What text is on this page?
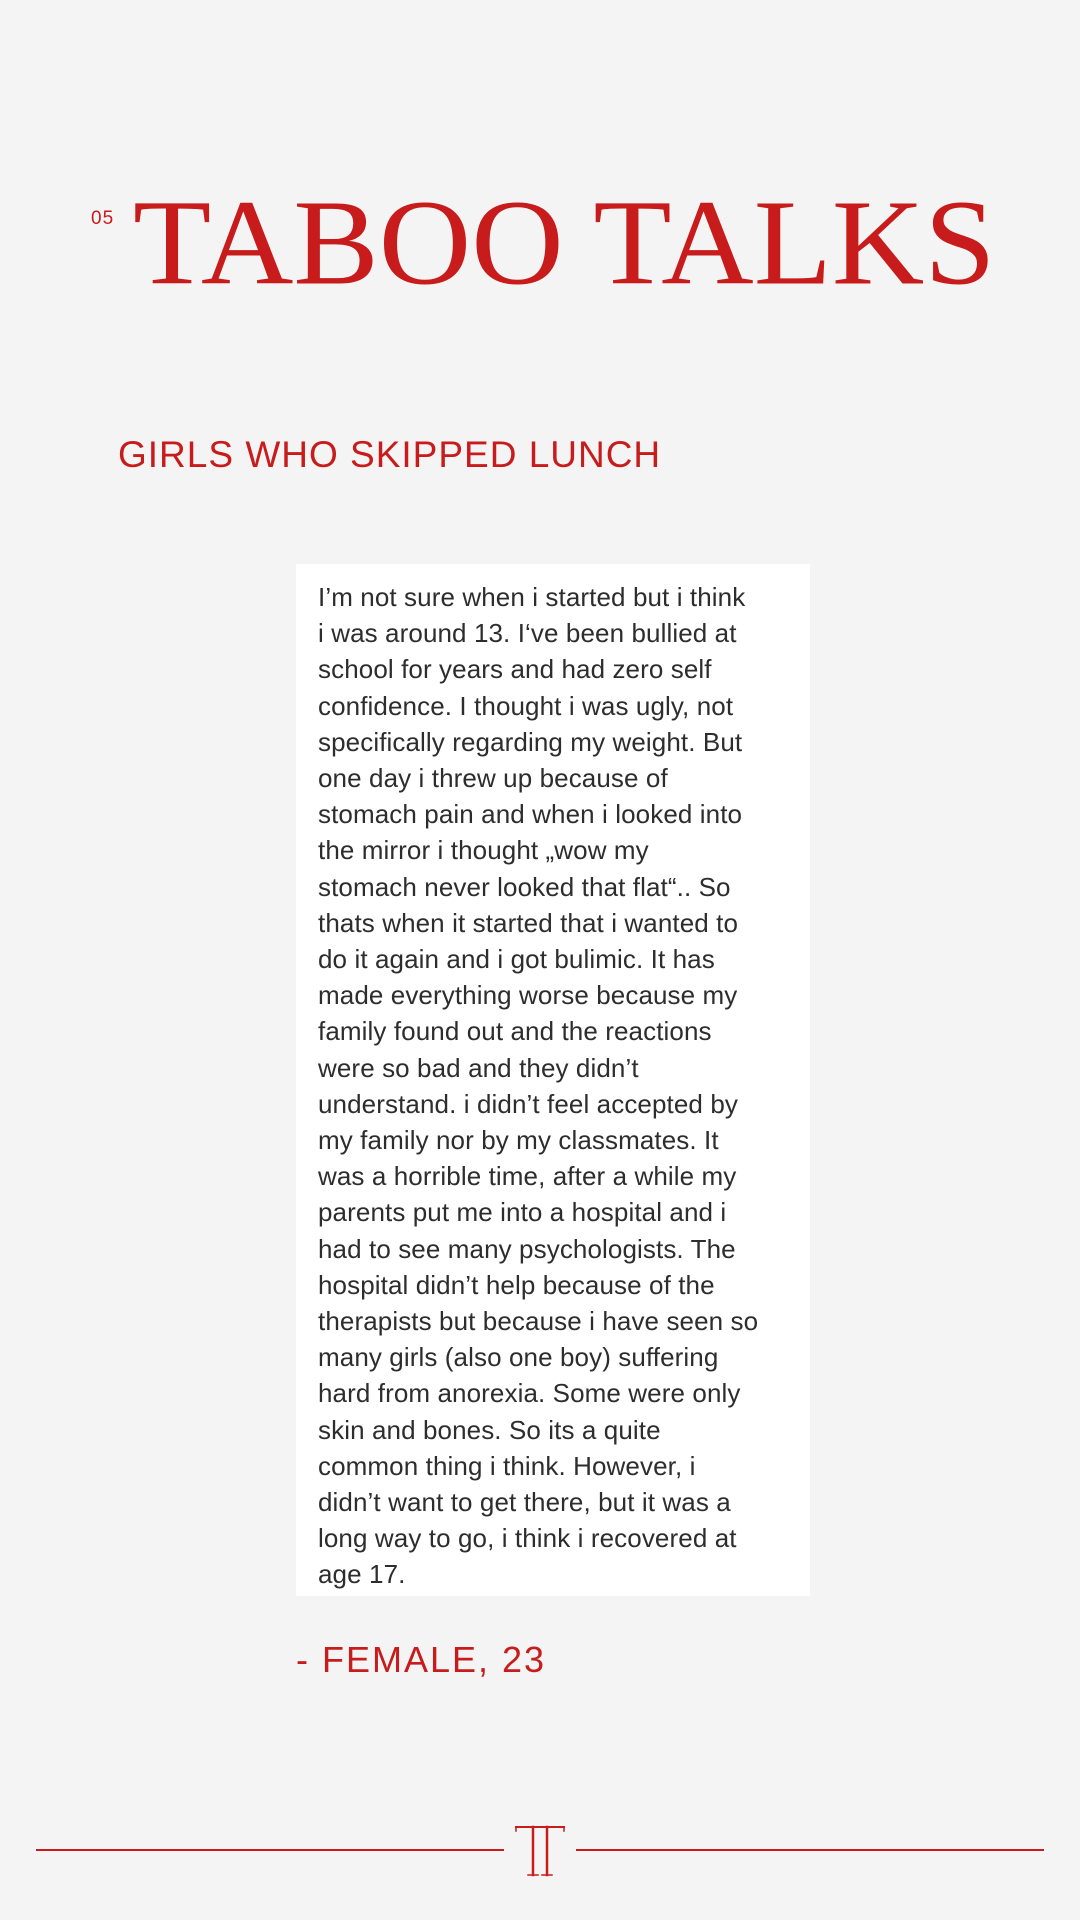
05 TABOO TALKS
GIRLS WHO SKIPPED LUNCH

I’m not sure when i started but i think
i was around 13. I‘ve been bullied at
school for years and had zero self
confidence. I thought i was ugly, not
specifically regarding my weight. But
one day i threw up because of
stomach pain and when i looked into
the mirror i thought „wow my
stomach never looked that flat“.. So
thats when it started that i wanted to
do it again and i got bulimic. It has
made everything worse because my
family found out and the reactions
were so bad and they didn’t
understand. i didn’t feel accepted by
my family nor by my classmates. It
was a horrible time, after a while my
parents put me into a hospital and i
had to see many psychologists. The
hospital didn’t help because of the
therapists but because i have seen so
many girls (also one boy) suffering
hard from anorexia. Some were only
skin and bones. So its a quite
common thing i think. However, i
didn’t want to get there, but it was a
long way to go, i think i recovered at
age 17.

- FEMALE, 23
